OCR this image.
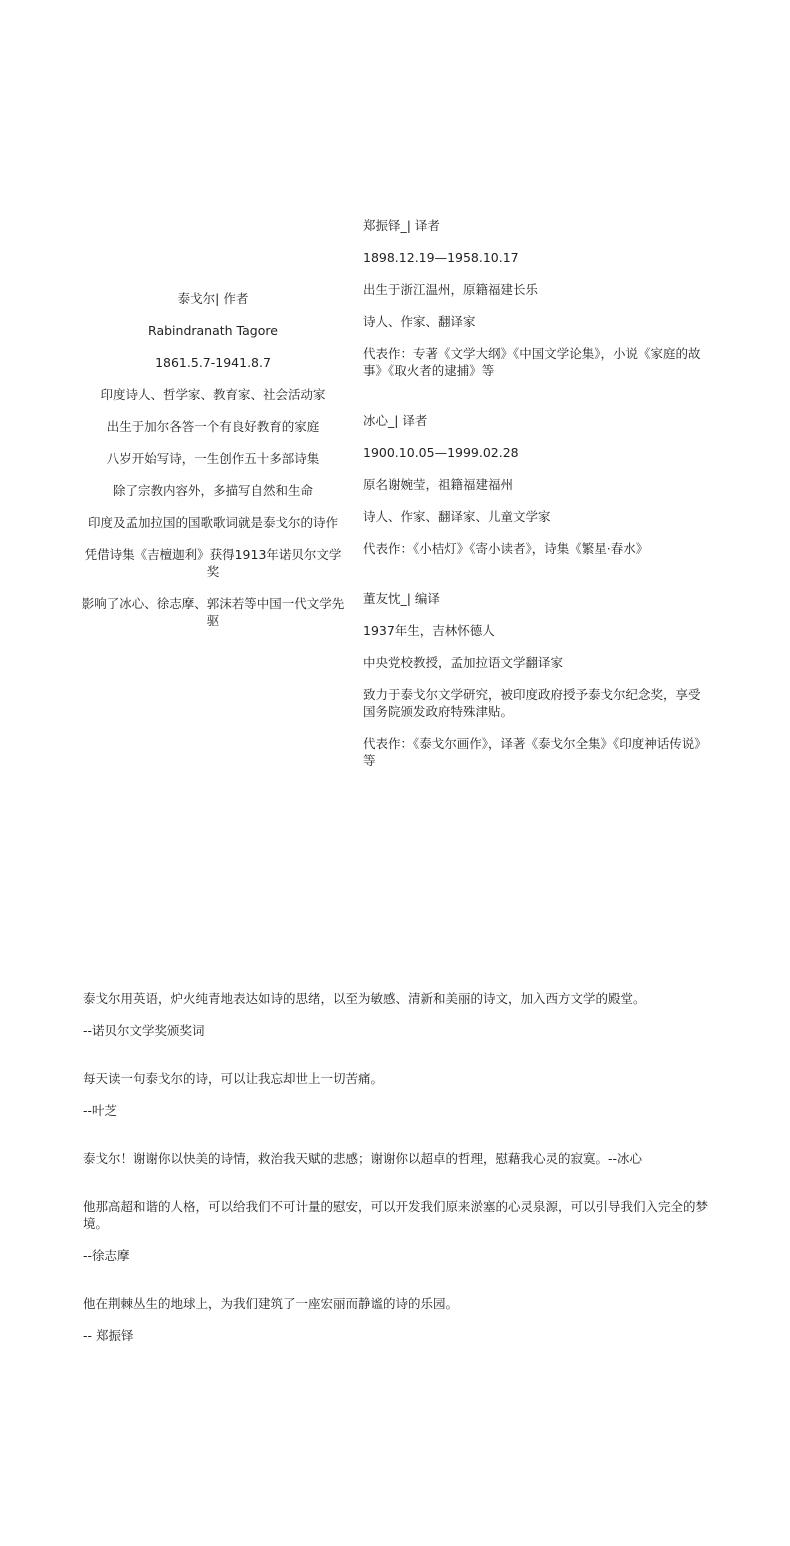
泰戈尔| 作者

Rabindranath Tagore

1861.5.7-1941.8.7

印度诗人、哲学家、教育家、社会活动家

出生于加尔各答一个有良好教育的家庭

八岁开始写诗，一生创作五十多部诗集

除了宗教内容外，多描写自然和生命

印度及孟加拉国的国歌歌词就是泰戈尔的诗作

凭借诗集《吉檀迦利》获得1913年诺贝尔文学奖

影响了冰心、徐志摩、郭沫若等中国一代文学先驱

郑振铎_| 译者

1898.12.19—1958.10.17

出生于浙江温州，原籍福建长乐

诗人、作家、翻译家

代表作：专著《文学大纲》《中国文学论集》，小说《家庭的故事》《取火者的逮捕》等

冰心_| 译者

1900.10.05—1999.02.28

原名谢婉莹，祖籍福建福州

诗人、作家、翻译家、儿童文学家

代表作：《小桔灯》《寄小读者》，诗集《繁星·春水》

董友忱_| 编译

1937年生，吉林怀德人

中央党校教授，孟加拉语文学翻译家

致力于泰戈尔文学研究，被印度政府授予泰戈尔纪念奖，享受国务院颁发政府特殊津贴。

代表作：《泰戈尔画作》，译著《泰戈尔全集》《印度神话传说》等

泰戈尔用英语，炉火纯青地表达如诗的思绪，以至为敏感、清新和美丽的诗文，加入西方文学的殿堂。

--诺贝尔文学奖颁奖词

每天读一句泰戈尔的诗，可以让我忘却世上一切苦痛。

--叶芝

泰戈尔！谢谢你以快美的诗情，救治我天赋的悲感；谢谢你以超卓的哲理，慰藉我心灵的寂寞。--冰心

他那高超和谐的人格，可以给我们不可计量的慰安，可以开发我们原来淤塞的心灵泉源，可以引导我们入完全的梦境。

--徐志摩

他在荆棘丛生的地球上，为我们建筑了一座宏丽而静谧的诗的乐园。

-- 郑振铎
